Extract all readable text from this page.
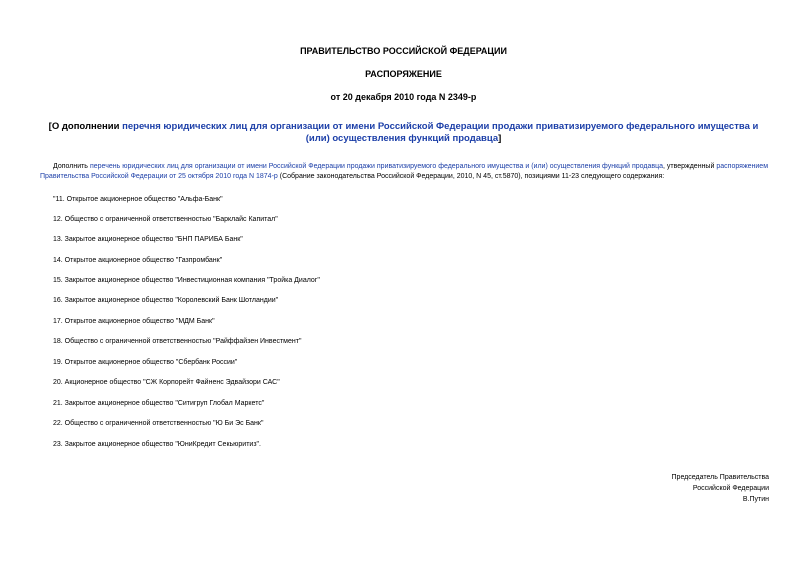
ПРАВИТЕЛЬСТВО РОССИЙСКОЙ ФЕДЕРАЦИИ
РАСПОРЯЖЕНИЕ
от 20 декабря 2010 года N 2349-р
[О дополнении перечня юридических лиц для организации от имени Российской Федерации продажи приватизируемого федерального имущества и (или) осуществления функций продавца]
Дополнить перечень юридических лиц для организации от имени Российской Федерации продажи приватизируемого федерального имущества и (или) осуществления функций продавца, утвержденный распоряжением Правительства Российской Федерации от 25 октября 2010 года N 1874-р (Собрание законодательства Российской Федерации, 2010, N 45, ст.5870), позициями 11-23 следующего содержания:
"11. Открытое акционерное общество "Альфа-Банк"
12. Общество с ограниченной ответственностью "Барклайс Капитал"
13. Закрытое акционерное общество "БНП ПАРИБА Банк"
14. Открытое акционерное общество "Газпромбанк"
15. Закрытое акционерное общество "Инвестиционная компания "Тройка Диалог"
16. Закрытое акционерное общество "Королевский Банк Шотландии"
17. Открытое акционерное общество "МДМ Банк"
18. Общество с ограниченной ответственностью "Райффайзен Инвестмент"
19. Открытое акционерное общество "Сбербанк России"
20. Акционерное общество "СЖ Корпорейт Файненс Эдвайзори САС"
21. Закрытое акционерное общество "Ситигруп Глобал Маркетс"
22. Общество с ограниченной ответственностью "Ю Би Эс Банк"
23. Закрытое акционерное общество "ЮниКредит Секьюритиз".
Председатель Правительства
Российской Федерации
В.Путин
